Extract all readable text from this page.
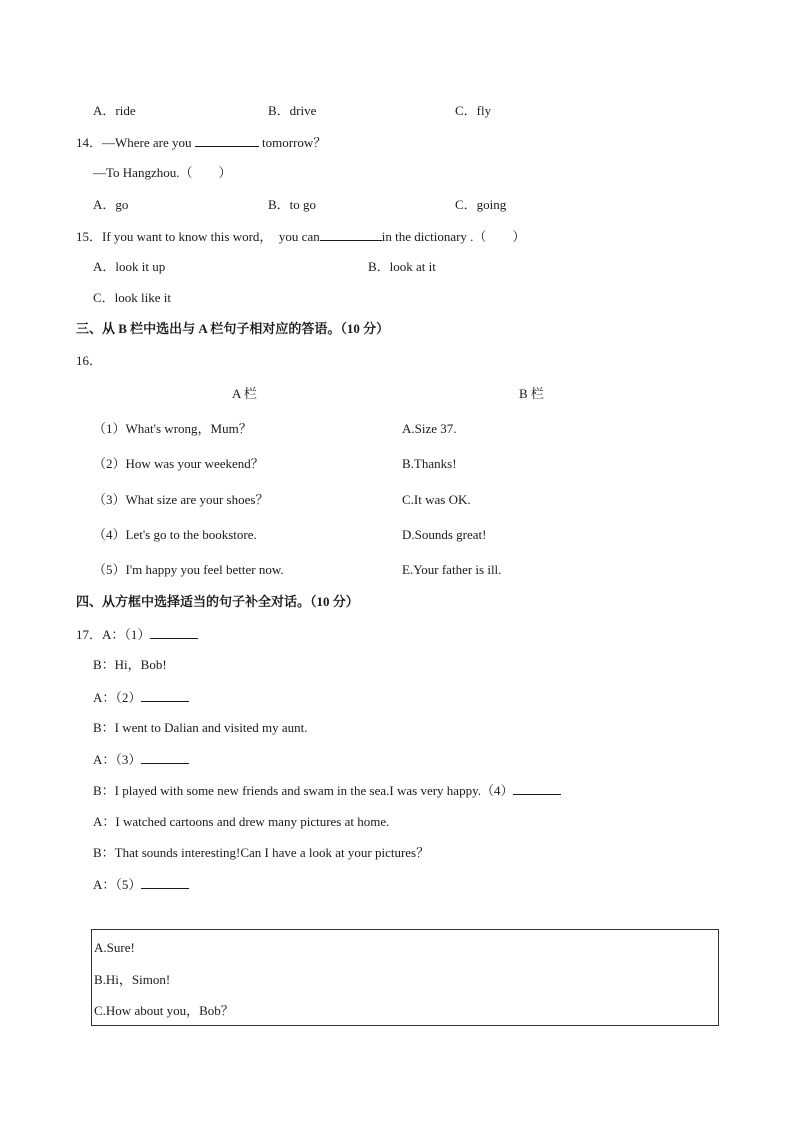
A．ride	B．drive	C．fly
14．—Where are you	tomorrow？
—To Hangzhou.（　　）
A．go	B．to go	C．going
15．If you want to know this word，  you can	in the dictionary .（　　）
A．look it up	B．look at it
C．look like it
三、从 B 栏中选出与 A 栏句子相对应的答语。（10 分）
16．
A 栏	B 栏
（1）What's wrong，Mum？	A.Size 37.
（2）How was your weekend？	B.Thanks!
（3）What size are your shoes？	C.It was OK.
（4）Let's go to the bookstore.	D.Sounds great!
（5）I'm happy you feel better now.	E.Your father is ill.
四、从方框中选择适当的句子补全对话。（10 分）
17．A：（1）
B：Hi，Bob!
A：（2）
B：I went to Dalian and visited my aunt.
A：（3）
B：I played with some new friends and swam in the sea.I was very happy.（4）
A：I watched cartoons and drew many pictures at home.
B：That sounds interesting!Can I have a look at your pictures？
A：（5）
A.Sure!
B.Hi，Simon!
C.How about you，Bob？
